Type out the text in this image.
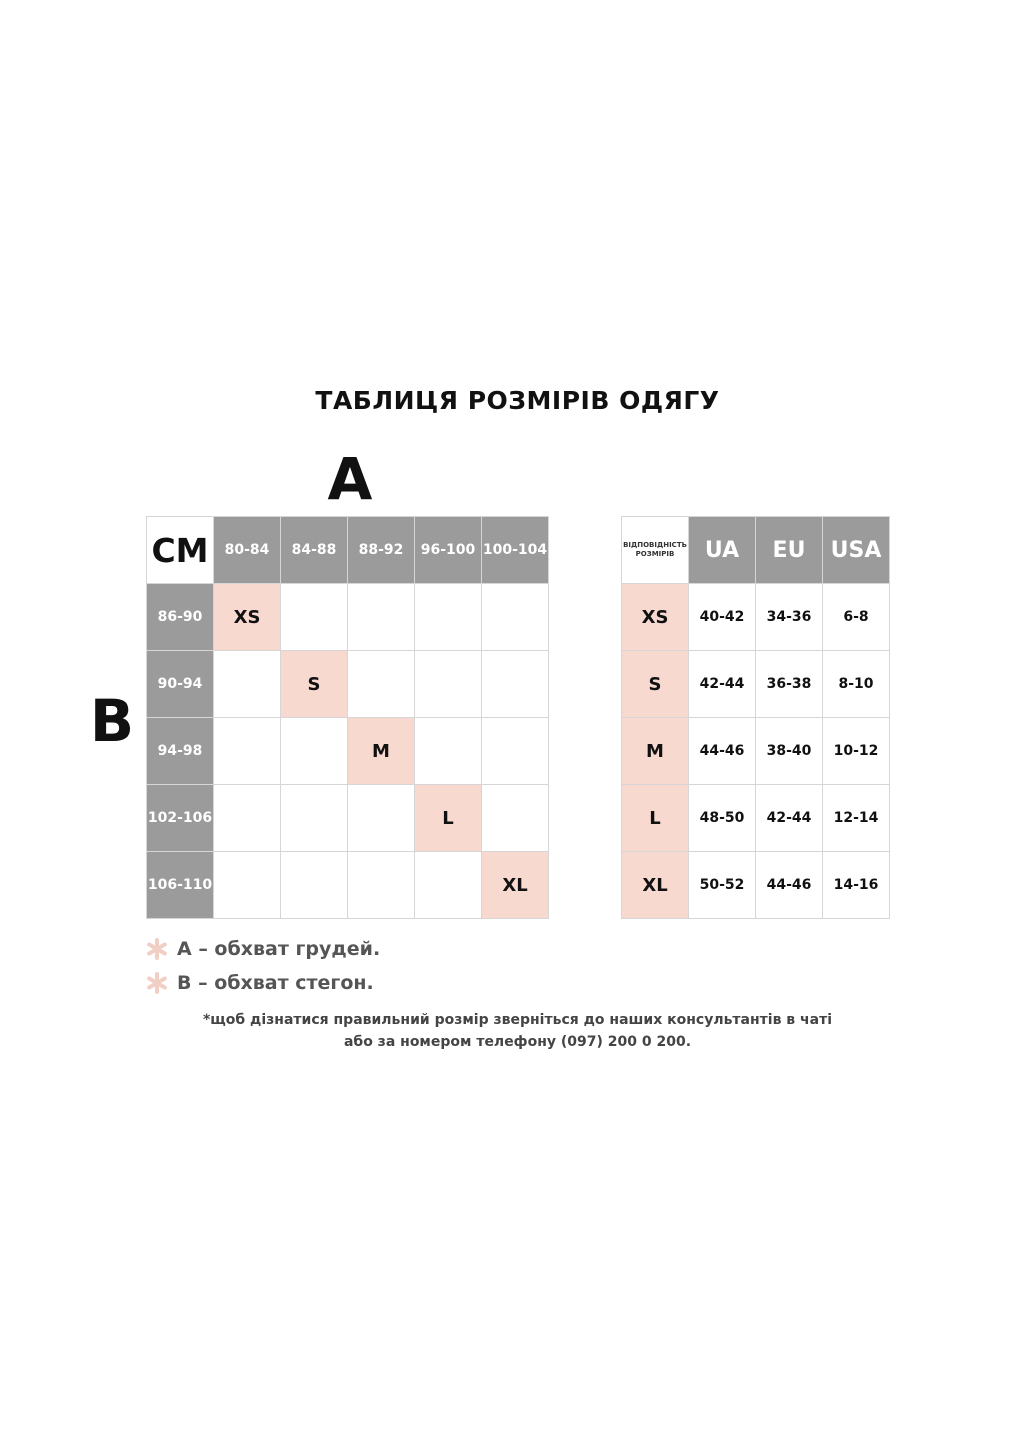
ТАБЛИЦЯ РОЗМІРІВ ОДЯГУ
A
B
СМ	80-84	84-88	88-92	96-100	100-104
86-90	XS				
90-94		S			
94-98			M		
102-106				L	
106-110					XL
ВІДПОВІДНІСТЬ РОЗМІРІВ	UA	EU	USA
XS	40-42	34-36	6-8
S	42-44	36-38	8-10
M	44-46	38-40	10-12
L	48-50	42-44	12-14
XL	50-52	44-46	14-16
А – обхват грудей.
В – обхват стегон.
*щоб дізнатися правильний розмір зверніться до наших консультантів в чаті
або за номером телефону (097) 200 0 200.
